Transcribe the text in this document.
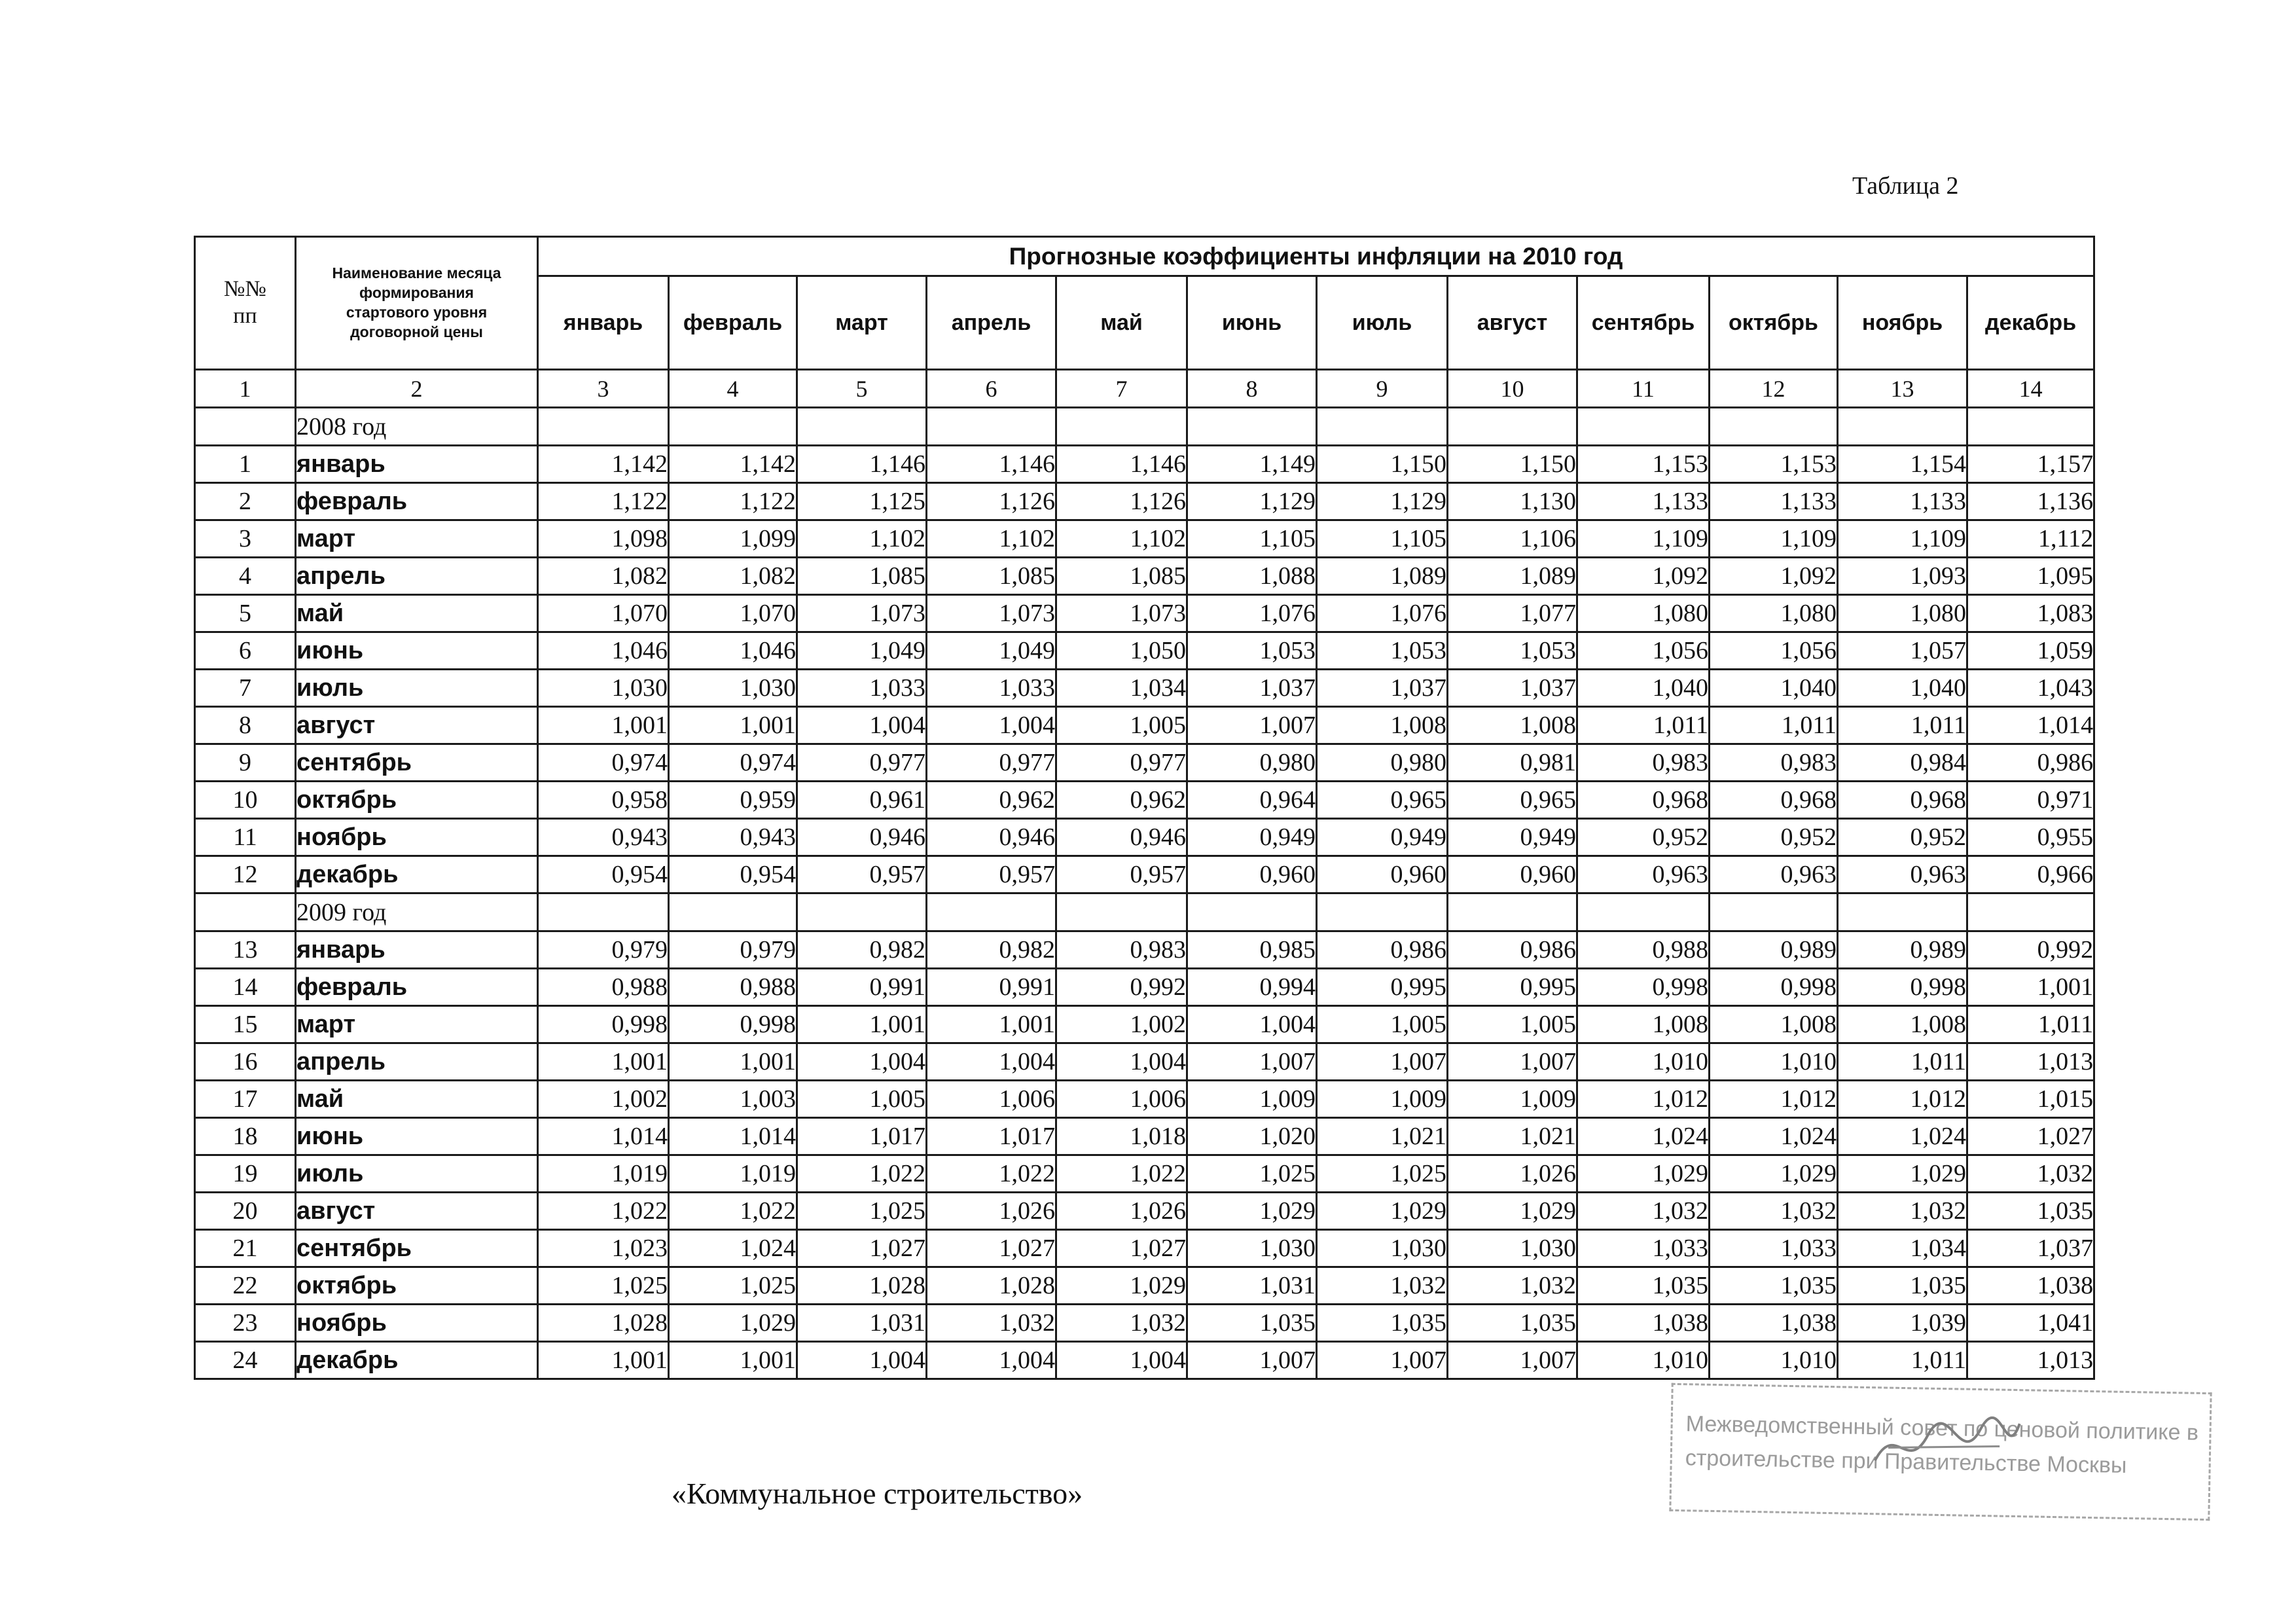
Таблица 2
№№
пп	Наименование месяца
формирования
стартового уровня
договорной цены	Прогнозные коэффициенты инфляции на 2010 год											
		январь	февраль	март	апрель	май	июнь	июль	август	сентябрь	октябрь	ноябрь	декабрь
1	2	3	4	5	6	7	8	9	10	11	12	13	14
	2008 год												
1	январь	1,142	1,142	1,146	1,146	1,146	1,149	1,150	1,150	1,153	1,153	1,154	1,157
2	февраль	1,122	1,122	1,125	1,126	1,126	1,129	1,129	1,130	1,133	1,133	1,133	1,136
3	март	1,098	1,099	1,102	1,102	1,102	1,105	1,105	1,106	1,109	1,109	1,109	1,112
4	апрель	1,082	1,082	1,085	1,085	1,085	1,088	1,089	1,089	1,092	1,092	1,093	1,095
5	май	1,070	1,070	1,073	1,073	1,073	1,076	1,076	1,077	1,080	1,080	1,080	1,083
6	июнь	1,046	1,046	1,049	1,049	1,050	1,053	1,053	1,053	1,056	1,056	1,057	1,059
7	июль	1,030	1,030	1,033	1,033	1,034	1,037	1,037	1,037	1,040	1,040	1,040	1,043
8	август	1,001	1,001	1,004	1,004	1,005	1,007	1,008	1,008	1,011	1,011	1,011	1,014
9	сентябрь	0,974	0,974	0,977	0,977	0,977	0,980	0,980	0,981	0,983	0,983	0,984	0,986
10	октябрь	0,958	0,959	0,961	0,962	0,962	0,964	0,965	0,965	0,968	0,968	0,968	0,971
11	ноябрь	0,943	0,943	0,946	0,946	0,946	0,949	0,949	0,949	0,952	0,952	0,952	0,955
12	декабрь	0,954	0,954	0,957	0,957	0,957	0,960	0,960	0,960	0,963	0,963	0,963	0,966
	2009 год												
13	январь	0,979	0,979	0,982	0,982	0,983	0,985	0,986	0,986	0,988	0,989	0,989	0,992
14	февраль	0,988	0,988	0,991	0,991	0,992	0,994	0,995	0,995	0,998	0,998	0,998	1,001
15	март	0,998	0,998	1,001	1,001	1,002	1,004	1,005	1,005	1,008	1,008	1,008	1,011
16	апрель	1,001	1,001	1,004	1,004	1,004	1,007	1,007	1,007	1,010	1,010	1,011	1,013
17	май	1,002	1,003	1,005	1,006	1,006	1,009	1,009	1,009	1,012	1,012	1,012	1,015
18	июнь	1,014	1,014	1,017	1,017	1,018	1,020	1,021	1,021	1,024	1,024	1,024	1,027
19	июль	1,019	1,019	1,022	1,022	1,022	1,025	1,025	1,026	1,029	1,029	1,029	1,032
20	август	1,022	1,022	1,025	1,026	1,026	1,029	1,029	1,029	1,032	1,032	1,032	1,035
21	сентябрь	1,023	1,024	1,027	1,027	1,027	1,030	1,030	1,030	1,033	1,033	1,034	1,037
22	октябрь	1,025	1,025	1,028	1,028	1,029	1,031	1,032	1,032	1,035	1,035	1,035	1,038
23	ноябрь	1,028	1,029	1,031	1,032	1,032	1,035	1,035	1,035	1,038	1,038	1,039	1,041
24	декабрь	1,001	1,001	1,004	1,004	1,004	1,007	1,007	1,007	1,010	1,010	1,011	1,013
«Коммунальное строительство»
Межведомственный совет по ценовой политике в
строительстве при Правительстве Москвы
